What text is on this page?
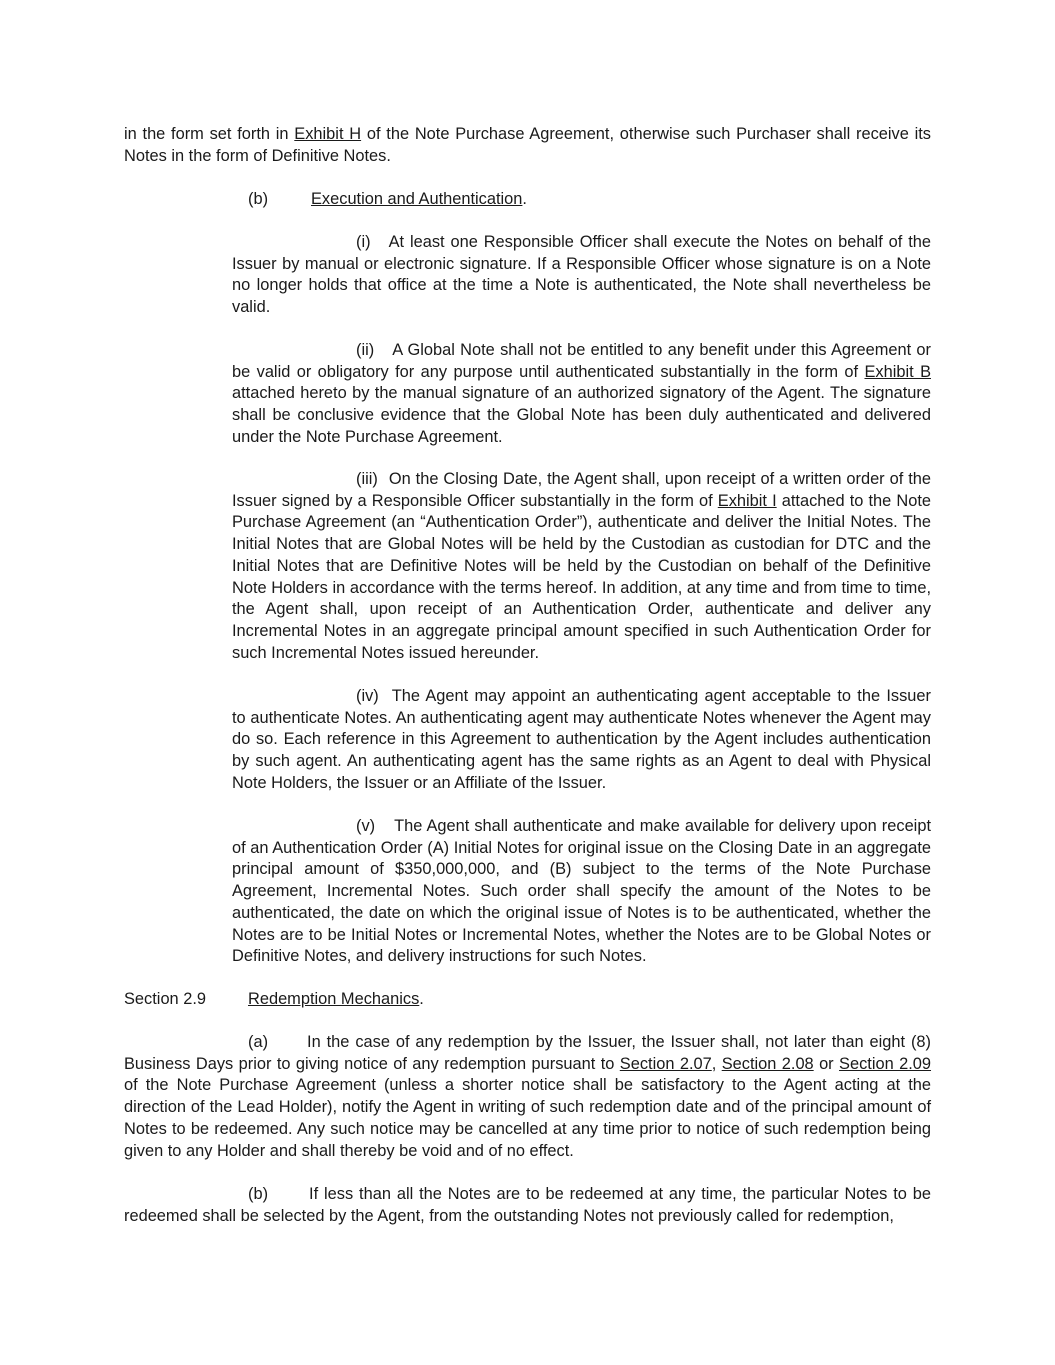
in the form set forth in Exhibit H of the Note Purchase Agreement, otherwise such Purchaser shall receive its Notes in the form of Definitive Notes.

(b)	Execution and Authentication.

(i) At least one Responsible Officer shall execute the Notes on behalf of the Issuer by manual or electronic signature. If a Responsible Officer whose signature is on a Note no longer holds that office at the time a Note is authenticated, the Note shall nevertheless be valid.

(ii) A Global Note shall not be entitled to any benefit under this Agreement or be valid or obligatory for any purpose until authenticated substantially in the form of Exhibit B attached hereto by the manual signature of an authorized signatory of the Agent. The signature shall be conclusive evidence that the Global Note has been duly authenticated and delivered under the Note Purchase Agreement.

(iii) On the Closing Date, the Agent shall, upon receipt of a written order of the Issuer signed by a Responsible Officer substantially in the form of Exhibit I attached to the Note Purchase Agreement (an “Authentication Order”), authenticate and deliver the Initial Notes. The Initial Notes that are Global Notes will be held by the Custodian as custodian for DTC and the Initial Notes that are Definitive Notes will be held by the Custodian on behalf of the Definitive Note Holders in accordance with the terms hereof. In addition, at any time and from time to time, the Agent shall, upon receipt of an Authentication Order, authenticate and deliver any Incremental Notes in an aggregate principal amount specified in such Authentication Order for such Incremental Notes issued hereunder.

(iv) The Agent may appoint an authenticating agent acceptable to the Issuer to authenticate Notes. An authenticating agent may authenticate Notes whenever the Agent may do so. Each reference in this Agreement to authentication by the Agent includes authentication by such agent. An authenticating agent has the same rights as an Agent to deal with Physical Note Holders, the Issuer or an Affiliate of the Issuer.

(v) The Agent shall authenticate and make available for delivery upon receipt of an Authentication Order (A) Initial Notes for original issue on the Closing Date in an aggregate principal amount of $350,000,000, and (B) subject to the terms of the Note Purchase Agreement, Incremental Notes. Such order shall specify the amount of the Notes to be authenticated, the date on which the original issue of Notes is to be authenticated, whether the Notes are to be Initial Notes or Incremental Notes, whether the Notes are to be Global Notes or Definitive Notes, and delivery instructions for such Notes.

Section 2.9	Redemption Mechanics.

(a) In the case of any redemption by the Issuer, the Issuer shall, not later than eight (8) Business Days prior to giving notice of any redemption pursuant to Section 2.07, Section 2.08 or Section 2.09 of the Note Purchase Agreement (unless a shorter notice shall be satisfactory to the Agent acting at the direction of the Lead Holder), notify the Agent in writing of such redemption date and of the principal amount of Notes to be redeemed. Any such notice may be cancelled at any time prior to notice of such redemption being given to any Holder and shall thereby be void and of no effect.

(b)	If less than all the Notes are to be redeemed at any time, the particular Notes to be redeemed shall be selected by the Agent, from the outstanding Notes not previously called for redemption,
